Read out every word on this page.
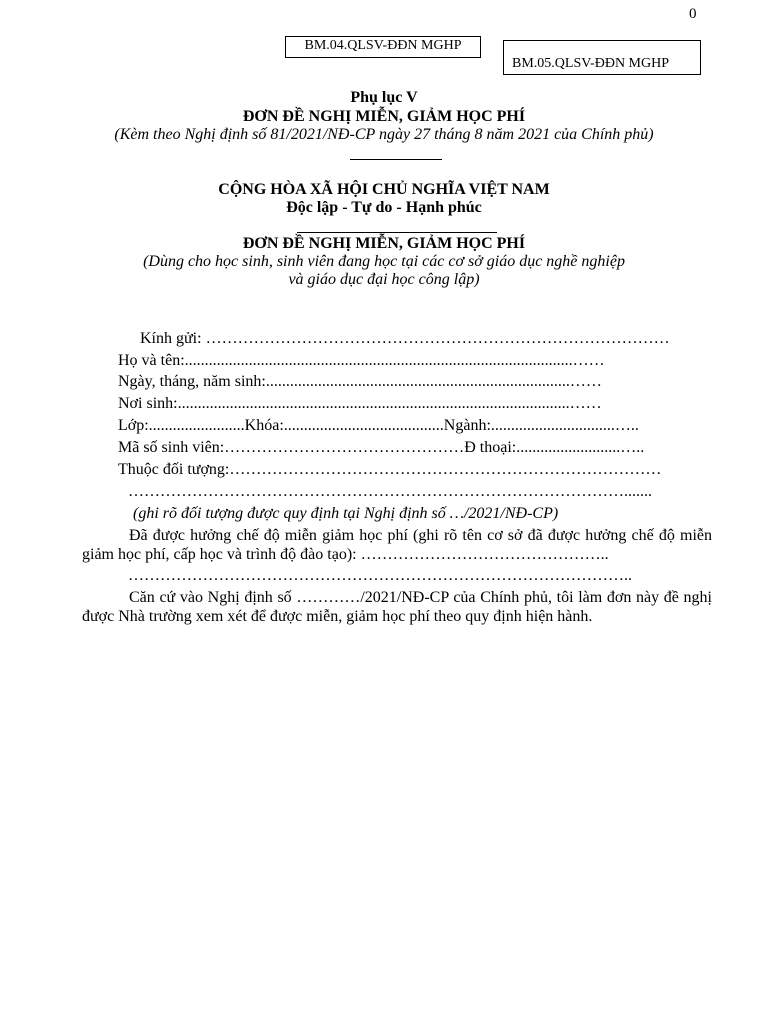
0
BM.04.QLSV-ĐĐN MGHP
BM.05.QLSV-ĐĐN MGHP
Phụ lục V
ĐƠN ĐỀ NGHỊ MIỄN, GIẢM HỌC PHÍ
(Kèm theo Nghị định số 81/2021/NĐ-CP ngày 27 tháng 8 năm 2021 của Chính phủ)
CỘNG HÒA XÃ HỘI CHỦ NGHĨA VIỆT NAM
Độc lập - Tự do - Hạnh phúc
ĐƠN ĐỀ NGHỊ MIỄN, GIẢM HỌC PHÍ
(Dùng cho học sinh, sinh viên đang học tại các cơ sở giáo dục nghề nghiệp
và giáo dục đại học công lập)
Kính gửi: ……………………………………………………………………………
Họ và tên:.................................................................................................……
Ngày, tháng, năm sinh:............................................................................……
Nơi sinh:..................................................................................................……
Lớp:........................Khóa:........................................Ngành:...............................…..
Mã số sinh viên:………………………………………Đ thoại:..........................…..
Thuộc đối tượng:………………………………………………………………………
………………………………………………………………………………….......
(ghi rõ đối tượng được quy định tại Nghị định số …/2021/NĐ-CP)
Đã được hưởng chế độ miễn giảm học phí (ghi rõ tên cơ sở đã được hưởng chế độ miễn giảm học phí, cấp học và trình độ đào tạo): ………………………………………..
…………………………………………………………………………………..
Căn cứ vào Nghị định số …………/2021/NĐ-CP của Chính phủ, tôi làm đơn này đề nghị được Nhà trường xem xét để được miễn, giảm học phí theo quy định hiện hành.
